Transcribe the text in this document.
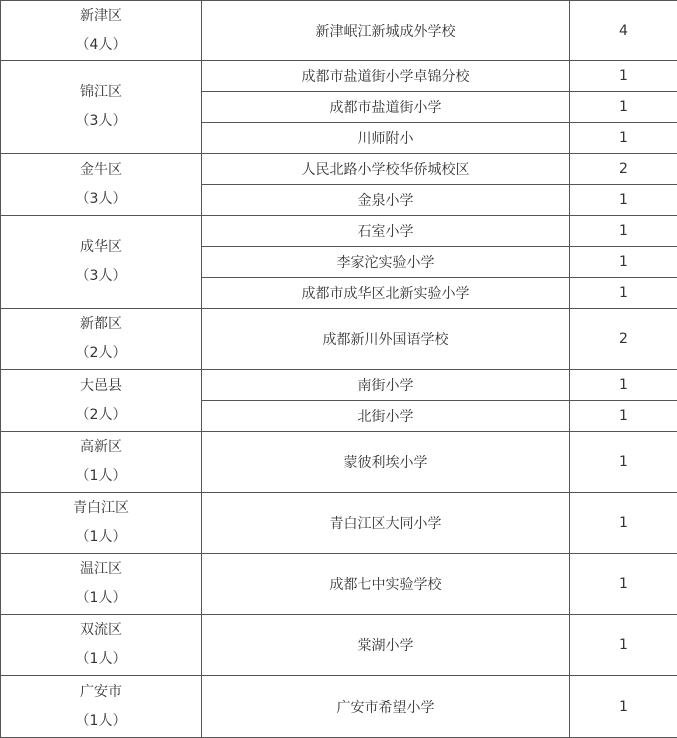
新津区
（4人）	新津岷江新城成外学校	4

锦江区
（3人）	成都市盐道街小学卓锦分校	1
	成都市盐道街小学	1
	川师附小	1

金牛区
（3人）	人民北路小学校华侨城校区	2
	金泉小学	1

成华区
（3人）	石室小学	1
	李家沱实验小学	1
	成都市成华区北新实验小学	1

新都区
（2人）	成都新川外国语学校	2

大邑县
（2人）	南街小学	1
	北街小学	1

高新区
（1人）	蒙彼利埃小学	1

青白江区
（1人）	青白江区大同小学	1

温江区
（1人）	成都七中实验学校	1

双流区
（1人）	棠湖小学	1

广安市
（1人）	广安市希望小学	1
